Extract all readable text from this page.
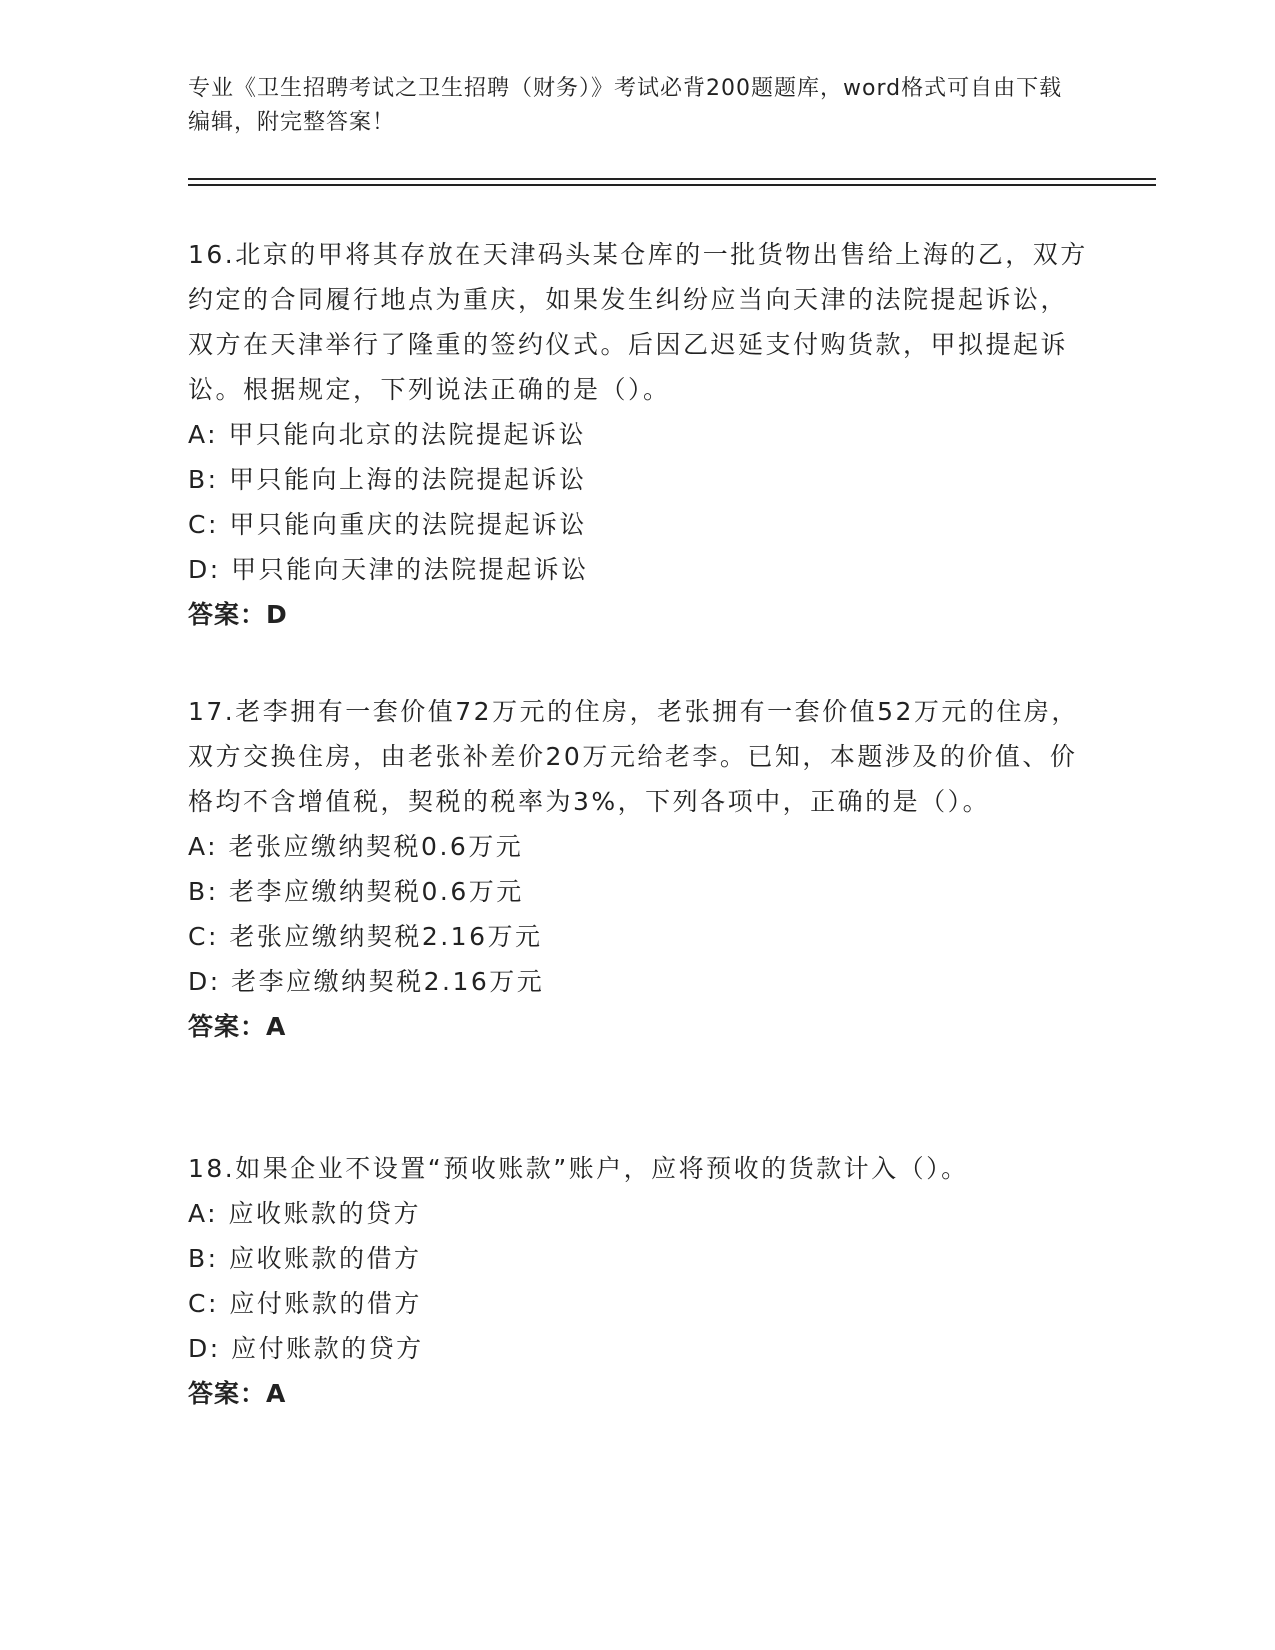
专业《卫生招聘考试之卫生招聘（财务）》考试必背200题题库，word格式可自由下载编辑，附完整答案！
16.北京的甲将其存放在天津码头某仓库的一批货物出售给上海的乙，双方约定的合同履行地点为重庆，如果发生纠纷应当向天津的法院提起诉讼，双方在天津举行了隆重的签约仪式。后因乙迟延支付购货款，甲拟提起诉讼。根据规定，下列说法正确的是（）。
A: 甲只能向北京的法院提起诉讼
B: 甲只能向上海的法院提起诉讼
C: 甲只能向重庆的法院提起诉讼
D: 甲只能向天津的法院提起诉讼
答案：D
17.老李拥有一套价值72万元的住房，老张拥有一套价值52万元的住房，双方交换住房，由老张补差价20万元给老李。已知，本题涉及的价值、价格均不含增值税，契税的税率为3%，下列各项中，正确的是（）。
A: 老张应缴纳契税0.6万元
B: 老李应缴纳契税0.6万元
C: 老张应缴纳契税2.16万元
D: 老李应缴纳契税2.16万元
答案：A
18.如果企业不设置“预收账款”账户，应将预收的货款计入（）。
A: 应收账款的贷方
B: 应收账款的借方
C: 应付账款的借方
D: 应付账款的贷方
答案：A
